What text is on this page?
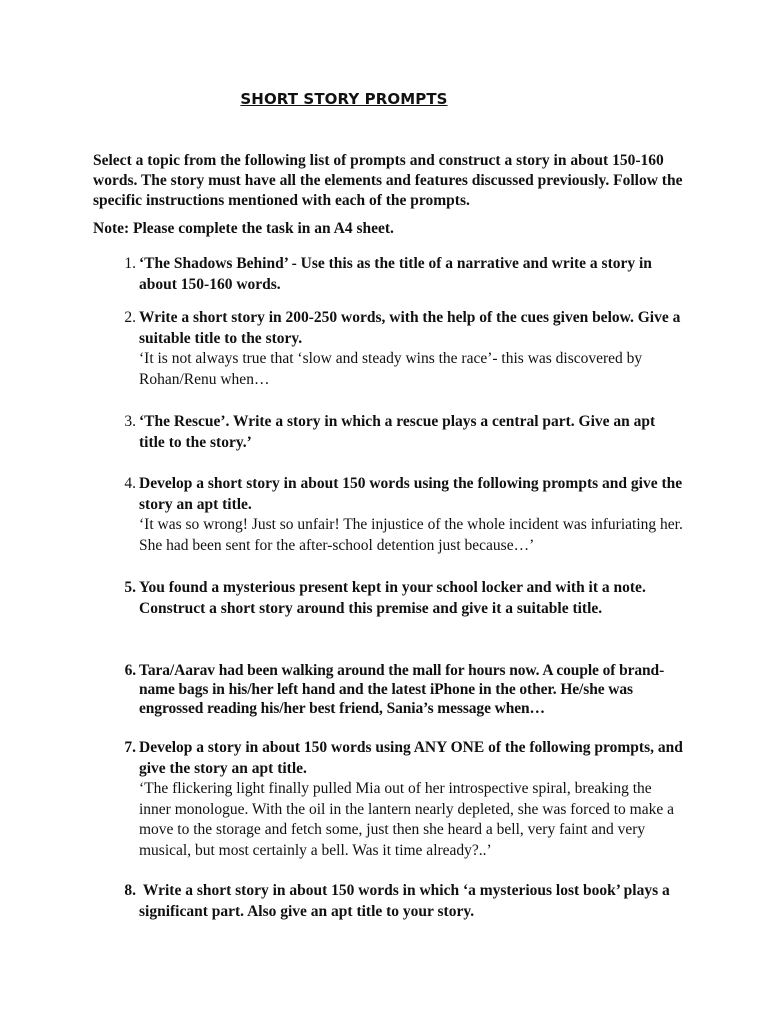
SHORT STORY PROMPTS
Select a topic from the following list of prompts and construct a story in about 150-160 words. The story must have all the elements and features discussed previously. Follow the specific instructions mentioned with each of the prompts.
Note: Please complete the task in an A4 sheet.
1. ‘The Shadows Behind’ - Use this as the title of a narrative and write a story in about 150-160 words.
2. Write a short story in 200-250 words, with the help of the cues given below. Give a suitable title to the story.
‘It is not always true that ‘slow and steady wins the race’- this was discovered by Rohan/Renu when…
3. ‘The Rescue’. Write a story in which a rescue plays a central part. Give an apt title to the story.’
4. Develop a short story in about 150 words using the following prompts and give the story an apt title.
‘It was so wrong! Just so unfair! The injustice of the whole incident was infuriating her. She had been sent for the after-school detention just because…’
5. You found a mysterious present kept in your school locker and with it a note. Construct a short story around this premise and give it a suitable title.
6. Tara/Aarav had been walking around the mall for hours now. A couple of brand-name bags in his/her left hand and the latest iPhone in the other. He/she was engrossed reading his/her best friend, Sania’s message when…
7. Develop a story in about 150 words using ANY ONE of the following prompts, and give the story an apt title.
‘The flickering light finally pulled Mia out of her introspective spiral, breaking the inner monologue. With the oil in the lantern nearly depleted, she was forced to make a move to the storage and fetch some, just then she heard a bell, very faint and very musical, but most certainly a bell. Was it time already?..’
8. Write a short story in about 150 words in which ‘a mysterious lost book’ plays a significant part. Also give an apt title to your story.
